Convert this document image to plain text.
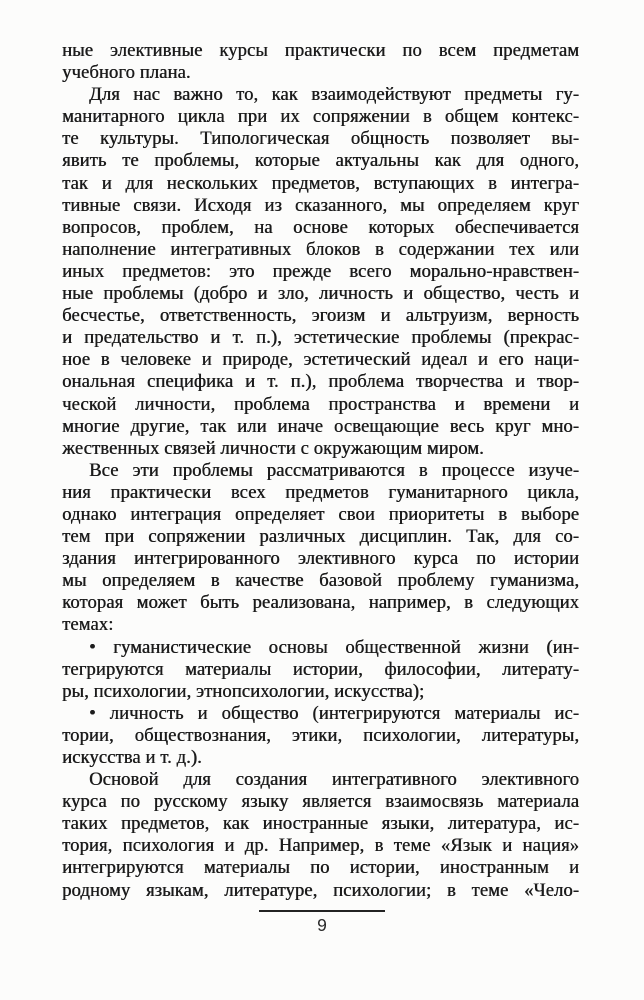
ные элективные курсы практически по всем предметам
учебного плана.
Для нас важно то, как взаимодействуют предметы гу-
манитарного цикла при их сопряжении в общем контекс-
те культуры. Типологическая общность позволяет вы-
явить те проблемы, которые актуальны как для одного,
так и для нескольких предметов, вступающих в интегра-
тивные связи. Исходя из сказанного, мы определяем круг
вопросов, проблем, на основе которых обеспечивается
наполнение интегративных блоков в содержании тех или
иных предметов: это прежде всего морально-нравствен-
ные проблемы (добро и зло, личность и общество, честь и
бесчестье, ответственность, эгоизм и альтруизм, верность
и предательство и т. п.), эстетические проблемы (прекрас-
ное в человеке и природе, эстетический идеал и его наци-
ональная специфика и т. п.), проблема творчества и твор-
ческой личности, проблема пространства и времени и
многие другие, так или иначе освещающие весь круг мно-
жественных связей личности с окружающим миром.
Все эти проблемы рассматриваются в процессе изуче-
ния практически всех предметов гуманитарного цикла,
однако интеграция определяет свои приоритеты в выборе
тем при сопряжении различных дисциплин. Так, для со-
здания интегрированного элективного курса по истории
мы определяем в качестве базовой проблему гуманизма,
которая может быть реализована, например, в следующих
темах:
• гуманистические основы общественной жизни (ин-
тегрируются материалы истории, философии, литерату-
ры, психологии, этнопсихологии, искусства);
• личность и общество (интегрируются материалы ис-
тории, обществознания, этики, психологии, литературы,
искусства и т. д.).
Основой для создания интегративного элективного
курса по русскому языку является взаимосвязь материала
таких предметов, как иностранные языки, литература, ис-
тория, психология и др. Например, в теме «Язык и нация»
интегрируются материалы по истории, иностранным и
родному языкам, литературе, психологии; в теме «Чело-
9
